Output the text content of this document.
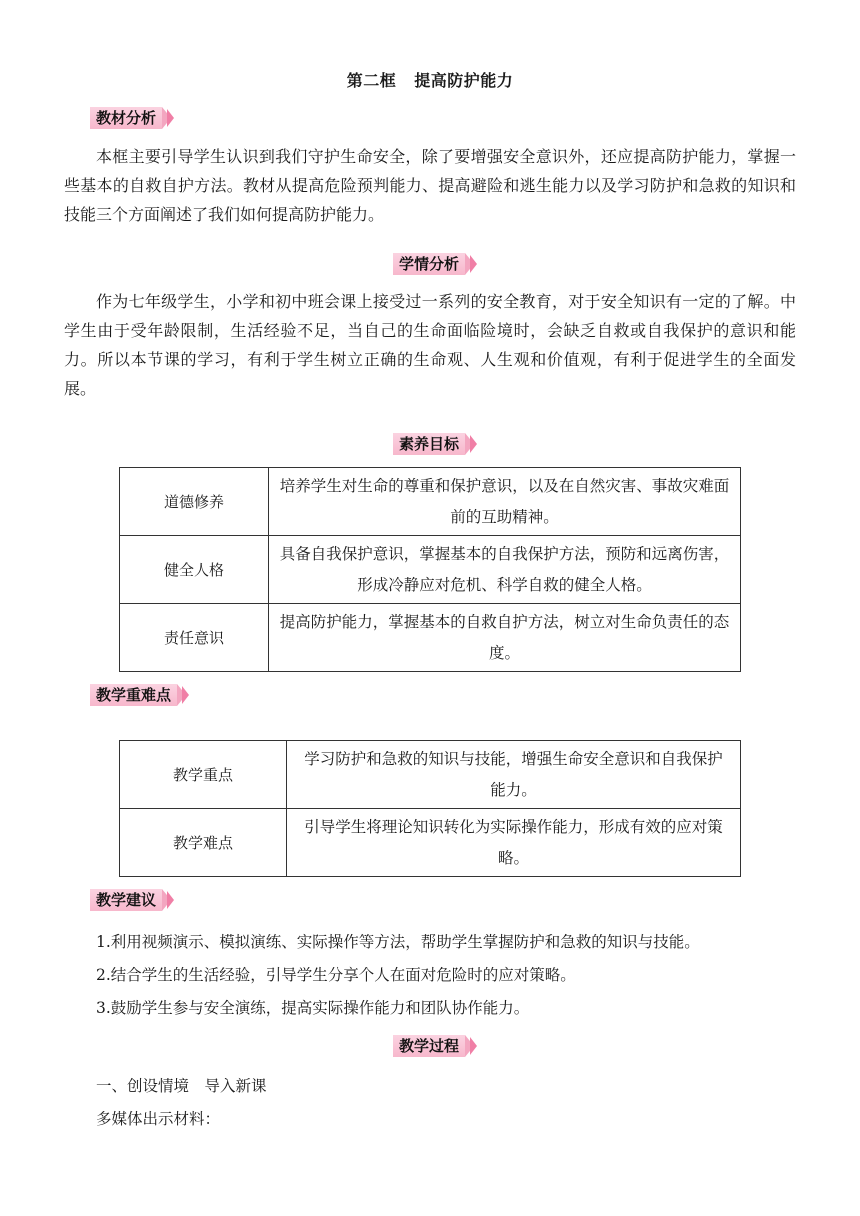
第二框 提高防护能力
教材分析
本框主要引导学生认识到我们守护生命安全，除了要增强安全意识外，还应提高防护能力，掌握一些基本的自救自护方法。教材从提高危险预判能力、提高避险和逃生能力以及学习防护和急救的知识和技能三个方面阐述了我们如何提高防护能力。
学情分析
作为七年级学生，小学和初中班会课上接受过一系列的安全教育，对于安全知识有一定的了解。中学生由于受年龄限制，生活经验不足，当自己的生命面临险境时，会缺乏自救或自我保护的意识和能力。所以本节课的学习，有利于学生树立正确的生命观、人生观和价值观，有利于促进学生的全面发展。
素养目标
道德修养	培养学生对生命的尊重和保护意识，以及在自然灾害、事故灾难面前的互助精神。
健全人格	具备自我保护意识，掌握基本的自我保护方法，预防和远离伤害，形成冷静应对危机、科学自救的健全人格。
责任意识	提高防护能力，掌握基本的自救自护方法，树立对生命负责任的态度。
教学重难点
教学重点	学习防护和急救的知识与技能，增强生命安全意识和自我保护能力。
教学难点	引导学生将理论知识转化为实际操作能力，形成有效的应对策略。
教学建议
1.利用视频演示、模拟演练、实际操作等方法，帮助学生掌握防护和急救的知识与技能。
2.结合学生的生活经验，引导学生分享个人在面对危险时的应对策略。
3.鼓励学生参与安全演练，提高实际操作能力和团队协作能力。
教学过程
一、创设情境　导入新课
多媒体出示材料：
